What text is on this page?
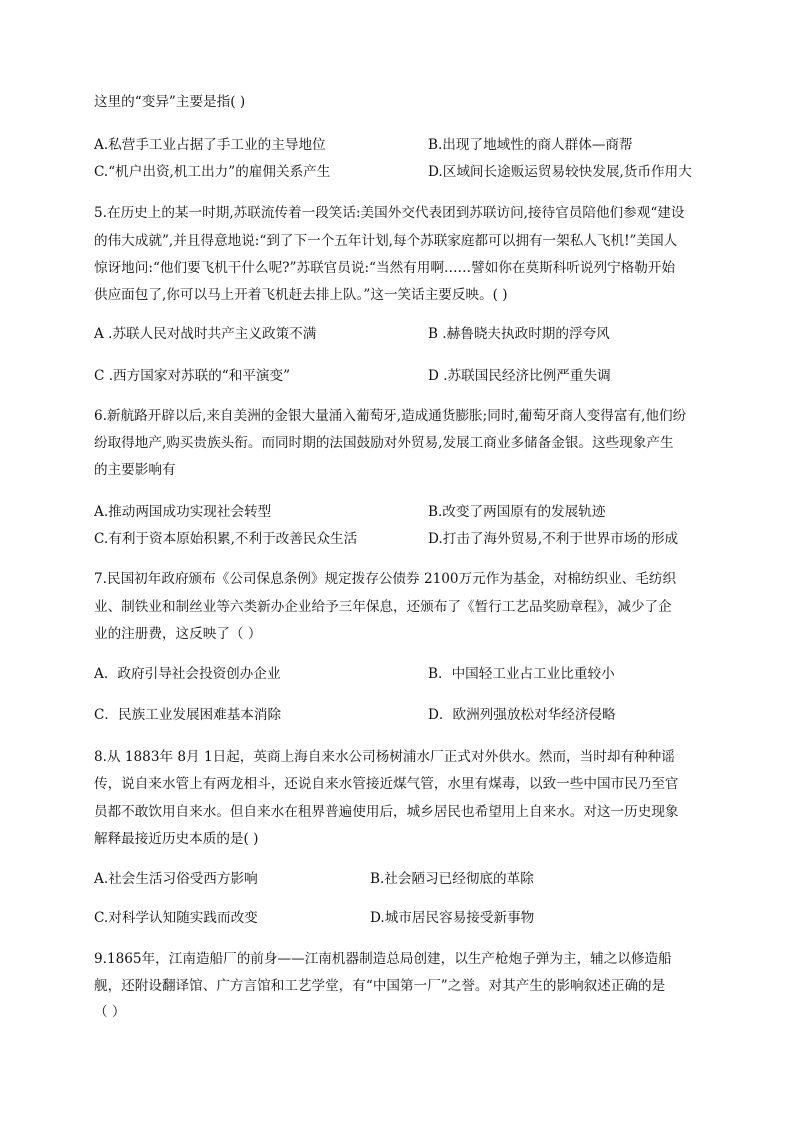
这里的“变异”主要是指( )
A.私营手工业占据了手工业的主导地位	B.出现了地域性的商人群体—商帮
C.“机户出资,机工出力”的雇佣关系产生	D.区域间长途贩运贸易较快发展,货币作用大
5.在历史上的某一时期,苏联流传着一段笑话:美国外交代表团到苏联访问,接待官员陪他们参观“建设
的伟大成就”,并且得意地说:“到了下一个五年计划,每个苏联家庭都可以拥有一架私人飞机!”美国人
惊讶地问:“他们要飞机干什么呢?”苏联官员说:“当然有用啊……譬如你在莫斯科听说列宁格勒开始
供应面包了,你可以马上开着飞机赶去排上队。”这一笑话主要反映。( )
A .苏联人民对战时共产主义政策不满	B .赫鲁晓夫执政时期的浮夸风
C .西方国家对苏联的“和平演变”	D .苏联国民经济比例严重失调
6.新航路开辟以后,来自美洲的金银大量涌入葡萄牙,造成通货膨胀;同时,葡萄牙商人变得富有,他们纷
纷取得地产,购买贵族头衔。而同时期的法国鼓励对外贸易,发展工商业多储备金银。这些现象产生
的主要影响有
A.推动两国成功实现社会转型	B.改变了两国原有的发展轨迹
C.有利于资本原始积累,不利于改善民众生活	D.打击了海外贸易,不利于世界市场的形成
7.民国初年政府颁布《公司保息条例》规定拨存公债券 2100万元作为基金，对棉纺织业、毛纺织
业、制铁业和制丝业等六类新办企业给予三年保息，还颁布了《暂行工艺品奖励章程》，减少了企
业的注册费，这反映了（ ）
A．政府引导社会投资创办企业	B．中国轻工业占工业比重较小
C．民族工业发展困难基本消除	D．欧洲列强放松对华经济侵略
8.从 1883年 8月 1日起，英商上海自来水公司杨树浦水厂正式对外供水。然而，当时却有种种谣
传，说自来水管上有两龙相斗，还说自来水管接近煤气管，水里有煤毒，以致一些中国市民乃至官
员都不敢饮用自来水。但自来水在租界普遍使用后，城乡居民也希望用上自来水。对这一历史现象
解释最接近历史本质的是( )
A.社会生活习俗受西方影响	B.社会陋习已经彻底的革除
C.对科学认知随实践而改变	D.城市居民容易接受新事物
9.1865年，江南造船厂的前身——江南机器制造总局创建，以生产枪炮子弹为主，辅之以修造船
舰，还附设翻译馆、广方言馆和工艺学堂，有“中国第一厂”之誉。对其产生的影响叙述正确的是
（ ）
